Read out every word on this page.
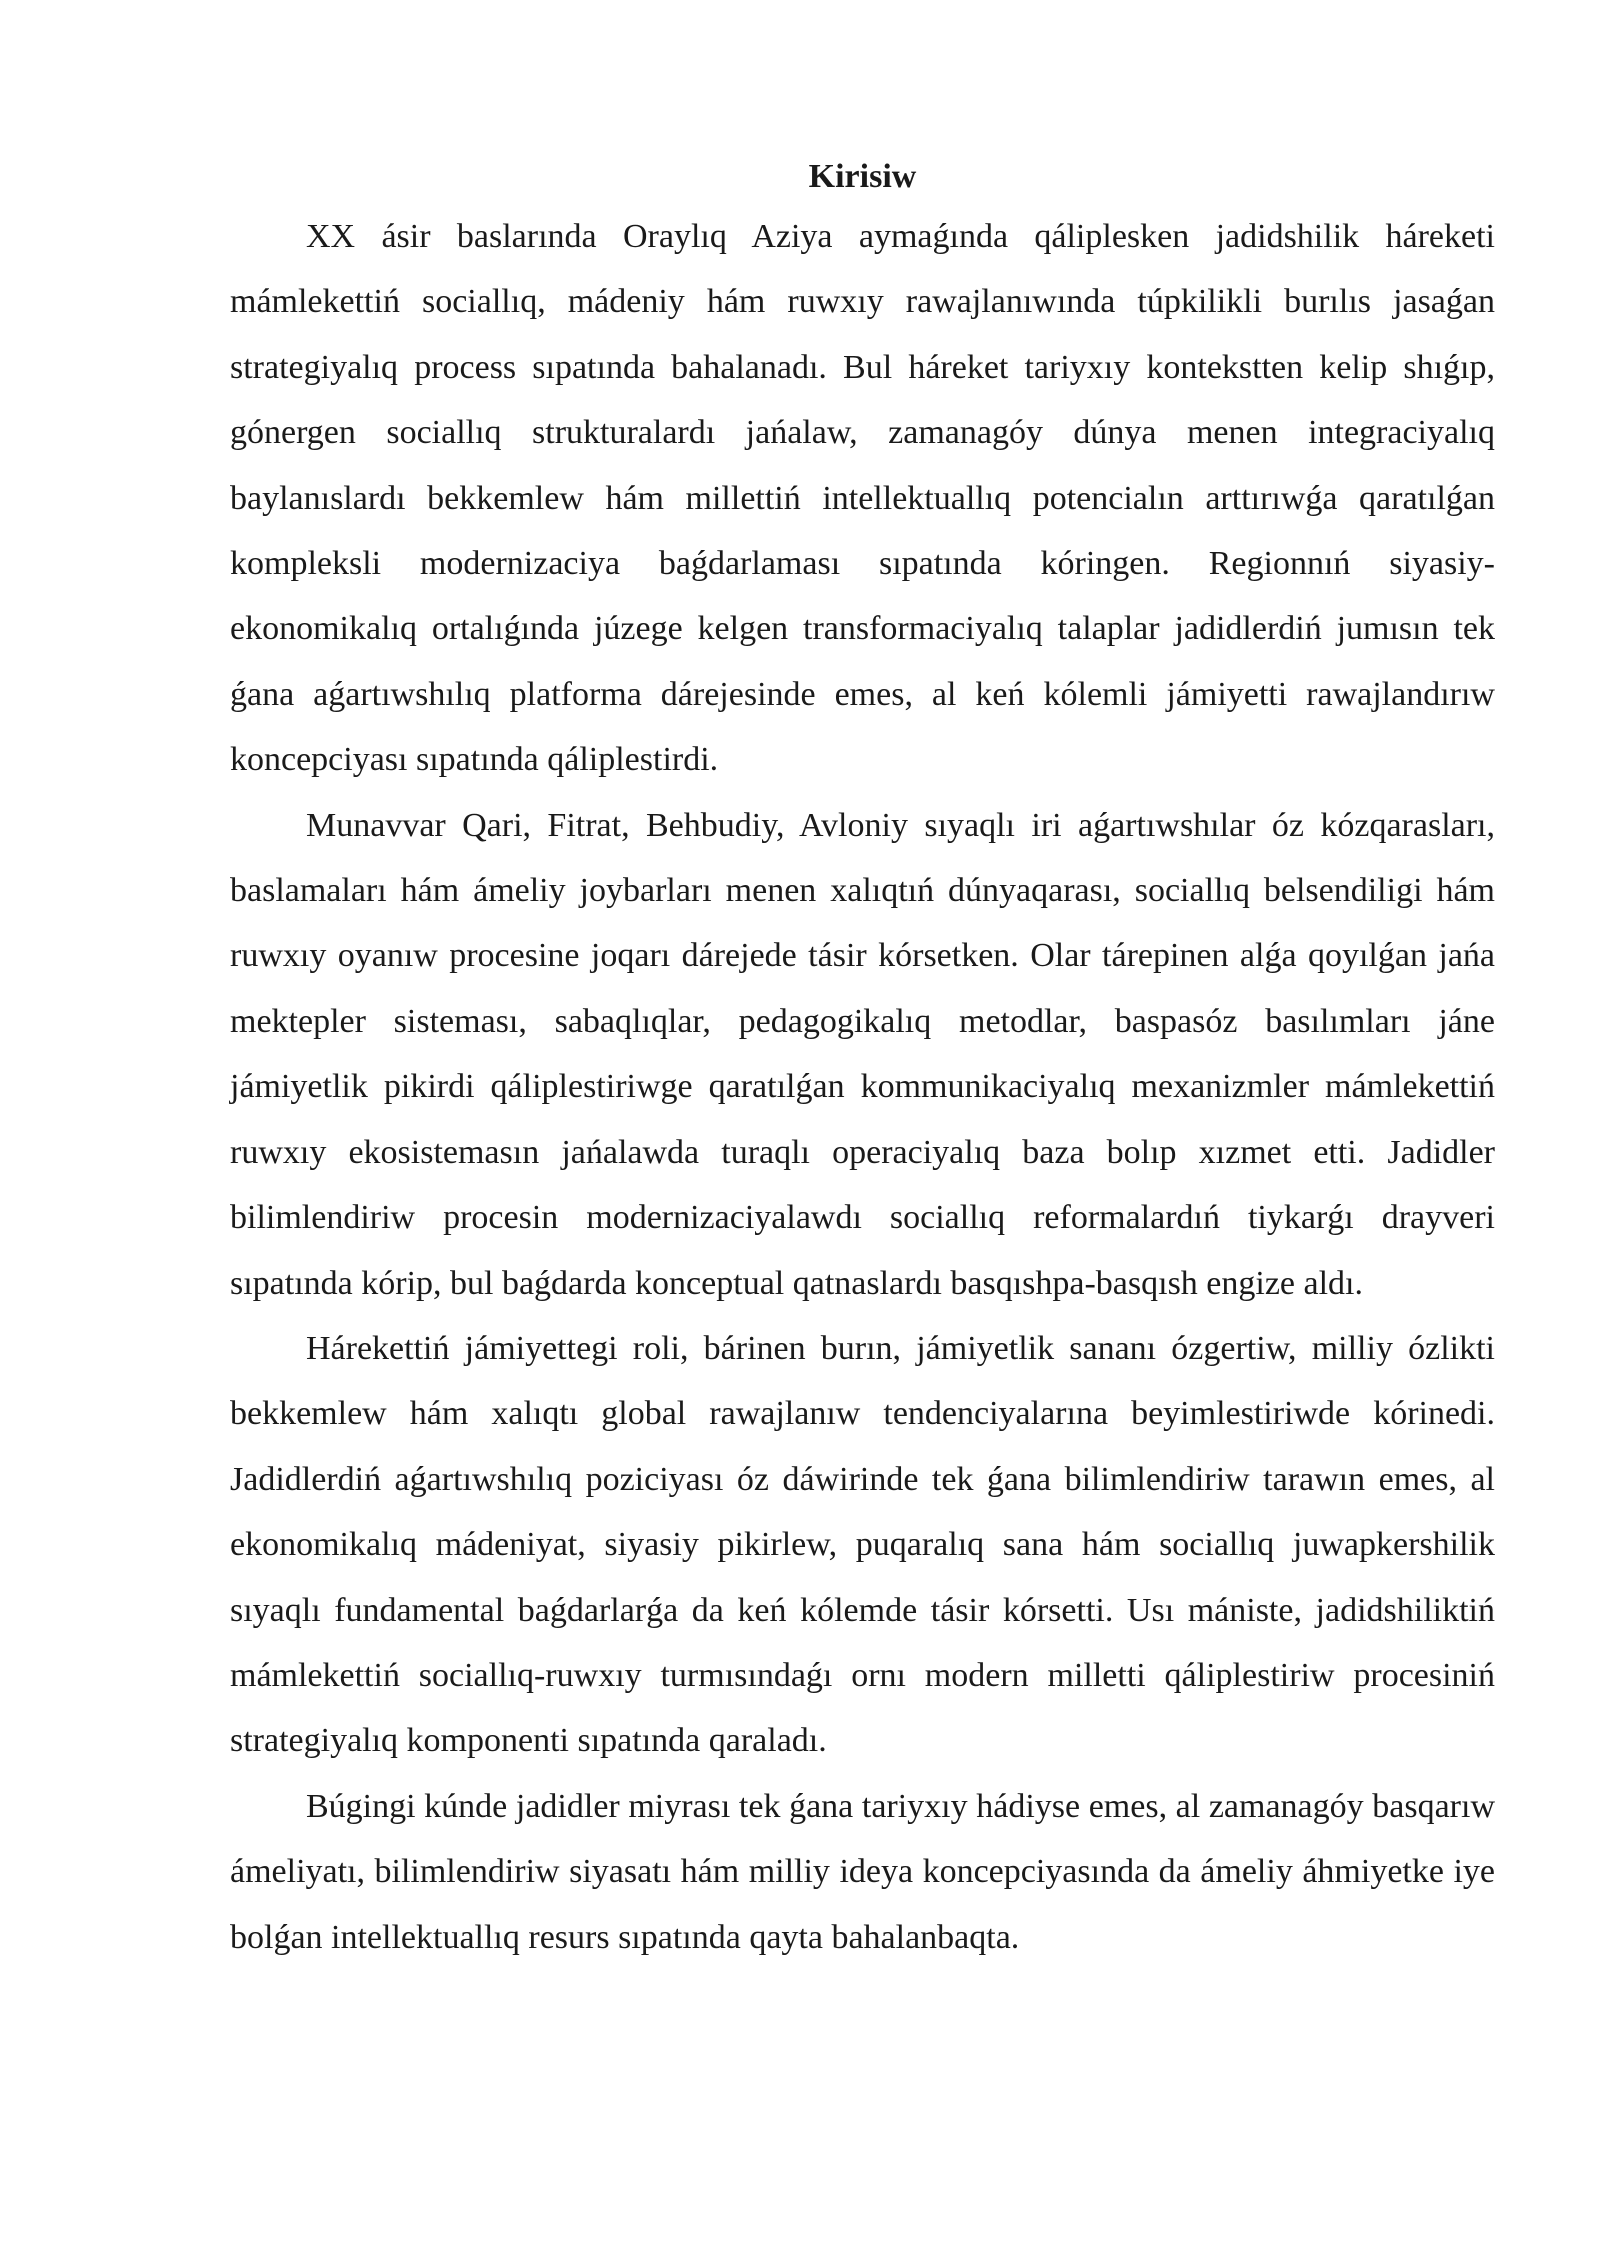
Kirisiw

XX ásir baslarında Oraylıq Aziya aymaǵında qálipleskеn jadidshilik háreketi mámlekettiń sociallıq, mádeniy hám ruwxıy rawajlanıwında túpkilikli burılıs jasaǵan strategiyalıq process sıpatında bahalanadı. Bul háreket tariyxıy kontekstten kelip shıǵıp, gónergen sociallıq strukturalardı jańalaw, zamanagóy dúnya menen integraciyalıq baylanıslardı bekkemlew hám millettiń intellektuallıq potencialın arttırıwǵa qaratılǵan kompleksli modernizaciya baǵdarlaması sıpatında kóringen. Regionnıń siyasiy-ekonomikalıq ortalıǵında júzege kelgen transformaciyalıq talaplar jadidlerdiń jumısın tek ǵana aǵartıwshılıq platforma dárejesinde emes, al keń kólemli jámiyetti rawajlandırıw koncepciyası sıpatında qáliplestirdi.

Munavvar Qari, Fitrat, Behbudiy, Avloniy sıyaqlı iri aǵartıwshılar óz kózqarasları, baslamaları hám ámeliy joybarları menen xalıqtıń dúnyaqarası, sociallıq belsendiligi hám ruwxıy oyanıw procesine joqarı dárejede tásir kórsetken. Olar tárepinen alǵa qoyılǵan jańa mektepler sisteması, sabaqlıqlar, pedagogikalıq metodlar, baspasóz basılımları jáne jámiyetlik pikirdi qáliplestiriwge qaratılǵan kommunikaciyalıq mexanizmler mámlekettiń ruwxıy ekosistemasın jańalawda turaqlı operaciyalıq baza bolıp xızmet etti. Jadidler bilimlendiriw procesin modernizaciyalawdı sociallıq reformalardıń tiykarǵı drayveri sıpatında kórip, bul baǵdarda konceptual qatnaslardı basqıshpa-basqısh engize aldı.

Hárekettiń jámiyettegi roli, bárinen burın, jámiyetlik sananı ózgertiw, milliy ózlikti bekkemlew hám xalıqtı global rawajlanıw tendenciyalarına beyimlestiriwde kórinedi. Jadidlerdiń aǵartıwshılıq poziciyası óz dáwirinde tek ǵana bilimlendiriw tarawın emes, al ekonomikalıq mádeniyat, siyasiy pikirlew, puqaralıq sana hám sociallıq juwapkershilik sıyaqlı fundamental baǵdarlarǵa da keń kólemde tásir kórsetti. Usı mániste, jadidshiliktiń mámlekettiń sociallıq-ruwxıy turmısındaǵı ornı modern milletti qáliplestiriw procesiniń strategiyalıq komponenti sıpatında qaraladı.

Búgingi kúnde jadidler miyrası tek ǵana tariyxıy hádiyse emes, al zamanagóy basqarıw ámeliyatı, bilimlendiriw siyasatı hám milliy ideya koncepciyasında da ámeliy áhmiyetke iye bolǵan intellektuallıq resurs sıpatında qayta bahalanbaqta.
